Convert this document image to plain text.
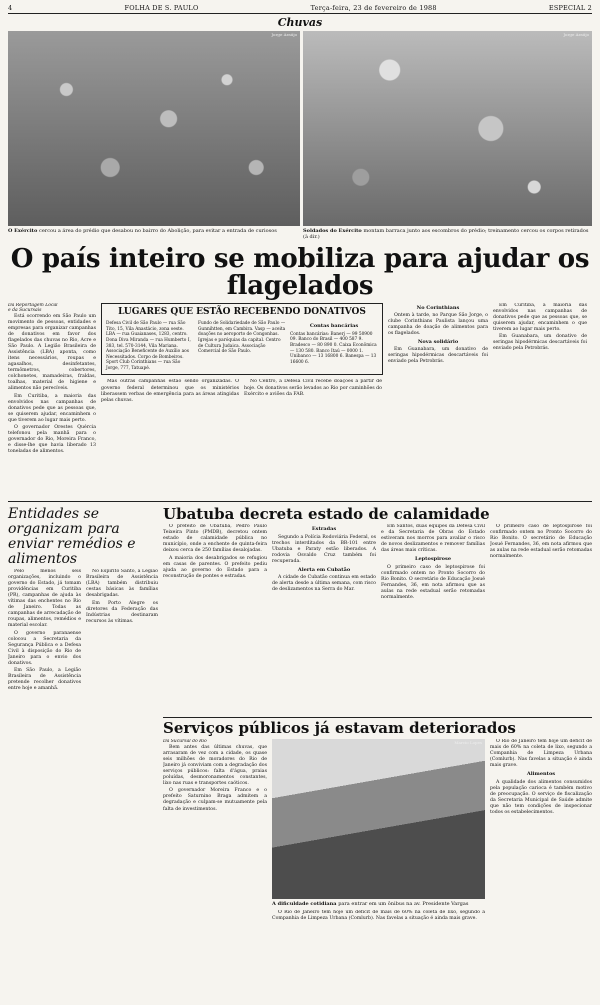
4	FOLHA DE S. PAULO	Terça-feira, 23 de fevereiro de 1988	ESPECIAL 2
Chuvas
Jorge Araújo	Jorge Araújo
O Exército cercou a área do prédio que desabou no bairro do Abolição, para evitar a entrada de curiosos	Soldados do Exército montam barraca junto aos escombros do prédio; treinamento cercou os corpos retirados (à dir.)
O país inteiro se mobiliza para ajudar os flagelados
Da Reportagem Local
e da Sucursais

Está ocorrendo em São Paulo um movimento de pessoas, entidades e empresas para organizar campanhas de donativos em favor dos flagelados das chuvas no Rio, Acre e São Paulo. A Legião Brasileira de Assistência (LBA) aponta, como itens necessários, roupas e agasalhos, desinfetantes, termômetros, cobertores, colchonetes, mamadeiras, fraldas, toalhas, material de higiene e alimentos não perecíveis.

Em Curitiba, a maioria das envolvidos nas campanhas de donativos pede que as pessoas que, se quiserem ajudar, encaminhem o que tiverem ao lugar mais perto.

O governador Orestes Quércia telefonou pela manhã para o governador do Rio, Moreira Franco, e disse-lhe que havia liberado 13 toneladas de alimentos.

LUGARES QUE ESTÃO RECEBENDO DONATIVOS
Defesa Civil de São Paulo — rua São Tito, 15, Vila Anastácio, zona oeste. LBA — rua Guaianases, 1283, centro. Dona Diva Miranda — rua Humberto I, 383, tel. 570-3144, Vila Mariana. Associação Beneficente de Auxílio aos Necessitados. Corpo de Bombeiros. Sport Club Corinthians — rua São Jorge, 777, Tatuapé.
Fundo de Solidariedade de São Paulo — Gunnihtten, em Cambira. Vasp — aceita doações no aeroporto de Congonhas. Igrejas e paróquias da capital. Centro de Cultura Judaica. Associação Comercial de São Paulo.
Contas bancárias
Contas bancárias: Banerj — 99 50900 09. Banco do Brasil — 400 587 9. Bradesco — 80 890 0. Caixa Econômica — 130 580. Banco Itaú — 0000 1. Unibanco — 13 16800 6. Banespa — 13 16600 6.

Mas outras campanhas estão sendo organizadas. O governo federal determinou que os ministérios liberassem verbas de emergência para as áreas atingidas pelas chuvas.

No Centro, a Defesa Civil recebe doações a partir de hoje. Os donativos serão levados ao Rio por caminhões do Exército e aviões da FAB.

No Corinthians

Ontem à tarde, no Parque São Jorge, o clube Corinthians Paulista lançou uma campanha de doação de alimentos para os flagelados.

Nova solidário

Em Guanabara, um donativo de seringas hipodérmicas descartáveis foi enviado pela Petrobrás.

Em Curitiba, a maioria das envolvidos nas campanhas de donativos pede que as pessoas que, se quiserem ajudar, encaminhem o que tiverem ao lugar mais perto.

Em Guanabara, um donativo de seringas hipodérmicas descartáveis foi enviado pela Petrobrás.

Entidades se organizam para enviar remédios e alimentos

Pelo menos seis organizações, incluindo o governo do Estado, já tomam providências em Curitiba (PR), campanhas de ajuda às vítimas das enchentes no Rio de Janeiro. Todas as campanhas de arrecadação de roupas, alimentos, remédios e material escolar.

O governo paranaense colocou a Secretaria da Segurança Pública e a Defesa Civil à disposição do Rio de Janeiro para o envio dos donativos.

Em São Paulo, a Legião Brasileira de Assistência pretende recolher donativos entre hoje e amanhã.

No Espírito Santo, a Legião Brasileira de Assistência (LBA) também distribuiu cestas básicas às famílias desabrigadas.

Em Porto Alegre os diretores da Federação das Indústrias destinaram recursos às vítimas.

Ubatuba decreta estado de calamidade

O prefeito de Ubatuba, Pedro Paulo Teixeira Pinto (PMDB), decretou ontem estado de calamidade pública no município, onde a enchente de quinta-feira deixou cerca de 250 famílias desalojadas.

A maioria dos desabrigados se refugiou em casas de parentes. O prefeito pediu ajuda ao governo do Estado para a reconstrução de pontes e estradas.

Estradas

Segundo a Polícia Rodoviária Federal, os trechos interditados da BR-101 entre Ubatuba e Paraty estão liberados. A rodovia Osvaldo Cruz também foi recuperada.

Alerta em Cubatão

A cidade de Cubatão continua em estado de alerta desde a última semana, com risco de deslizamentos na Serra do Mar.

Em Santos, duas equipes da Defesa Civil e da Secretaria de Obras do Estado estiveram nos morros para avaliar o risco de novos deslizamentos e remover famílias das áreas mais críticas.

Leptospirose

O primeiro caso de leptospirose foi confirmado ontem no Pronto Socorro do Rio Bonito. O secretário de Educação Josué Fernandes, 36, em nota afirmou que as aulas na rede estadual serão retomadas normalmente.

O primeiro caso de leptospirose foi confirmado ontem no Pronto Socorro do Rio Bonito. O secretário de Educação Josué Fernandes, 36, em nota afirmou que as aulas na rede estadual serão retomadas normalmente.

Serviços públicos já estavam deteriorados
Da Sucursal do Rio

Bem antes das últimas chuvas, que arrasaram de vez com a cidade, os quase seis milhões de moradores do Rio de Janeiro já conviviam com a degradação dos serviços públicos: falta d'água, praias poluídas, desmoronamentos constantes, lixo nas ruas e transportes caóticos.

O governador Moreira Franco e o prefeito Saturnino Braga admitem a degradação e culpam-se mutuamente pela falta de investimentos.

Marcio Lopes
A dificuldade cotidiana para entrar em um ônibus na av. Presidente Vargas

O Rio de Janeiro tem hoje um déficit de mais de 60% na coleta de lixo, segundo a Companhia de Limpeza Urbana (Comlurb). Nas favelas a situação é ainda mais grave.

O Rio de Janeiro tem hoje um déficit de mais de 60% na coleta de lixo, segundo a Companhia de Limpeza Urbana (Comlurb). Nas favelas a situação é ainda mais grave.

Alimentos

A qualidade dos alimentos consumidos pela população carioca é também motivo de preocupação. O serviço de fiscalização da Secretaria Municipal de Saúde admite que não tem condições de inspecionar todos os estabelecimentos.
